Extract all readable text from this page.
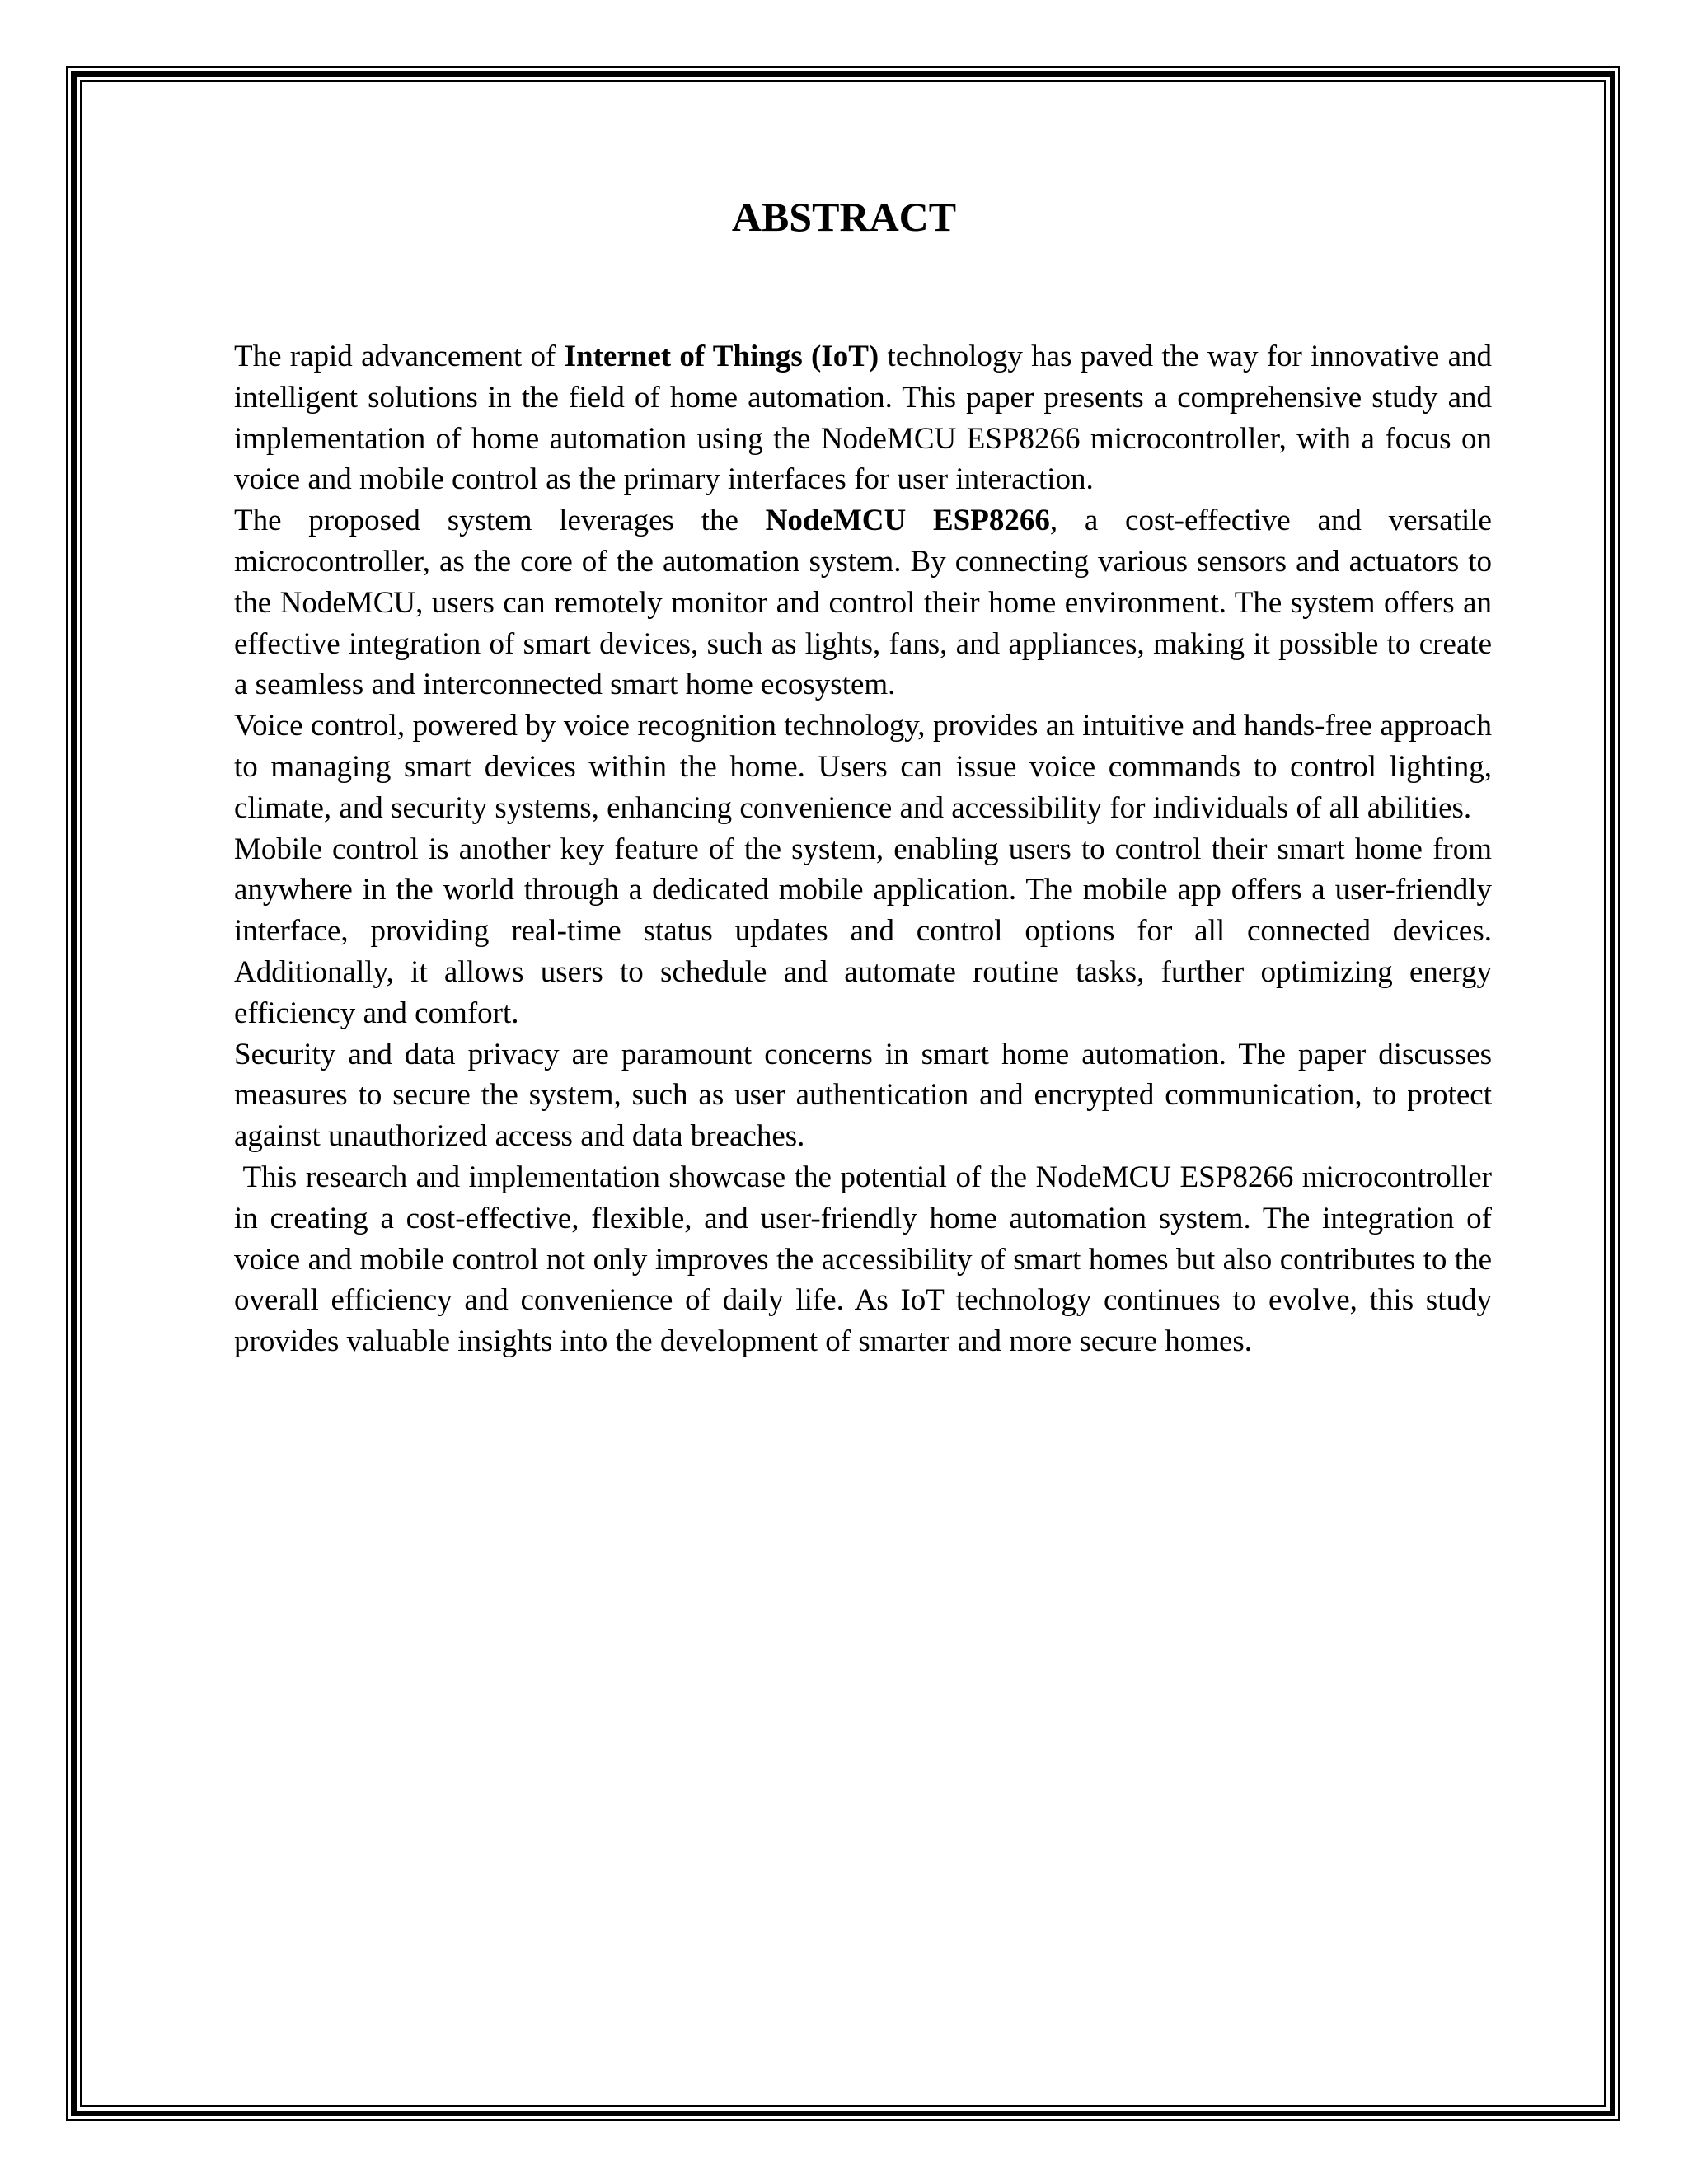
ABSTRACT

The rapid advancement of Internet of Things (IoT) technology has paved the way for innovative and intelligent solutions in the field of home automation. This paper presents a comprehensive study and implementation of home automation using the NodeMCU ESP8266 microcontroller, with a focus on voice and mobile control as the primary interfaces for user interaction.

The proposed system leverages the NodeMCU ESP8266, a cost-effective and versatile microcontroller, as the core of the automation system. By connecting various sensors and actuators to the NodeMCU, users can remotely monitor and control their home environment. The system offers an effective integration of smart devices, such as lights, fans, and appliances, making it possible to create a seamless and interconnected smart home ecosystem.

Voice control, powered by voice recognition technology, provides an intuitive and hands-free approach to managing smart devices within the home. Users can issue voice commands to control lighting, climate, and security systems, enhancing convenience and accessibility for individuals of all abilities.

Mobile control is another key feature of the system, enabling users to control their smart home from anywhere in the world through a dedicated mobile application. The mobile app offers a user-friendly interface, providing real-time status updates and control options for all connected devices. Additionally, it allows users to schedule and automate routine tasks, further optimizing energy efficiency and comfort.

Security and data privacy are paramount concerns in smart home automation. The paper discusses measures to secure the system, such as user authentication and encrypted communication, to protect against unauthorized access and data breaches.

This research and implementation showcase the potential of the NodeMCU ESP8266 microcontroller in creating a cost-effective, flexible, and user-friendly home automation system. The integration of voice and mobile control not only improves the accessibility of smart homes but also contributes to the overall efficiency and convenience of daily life. As IoT technology continues to evolve, this study provides valuable insights into the development of smarter and more secure homes.
